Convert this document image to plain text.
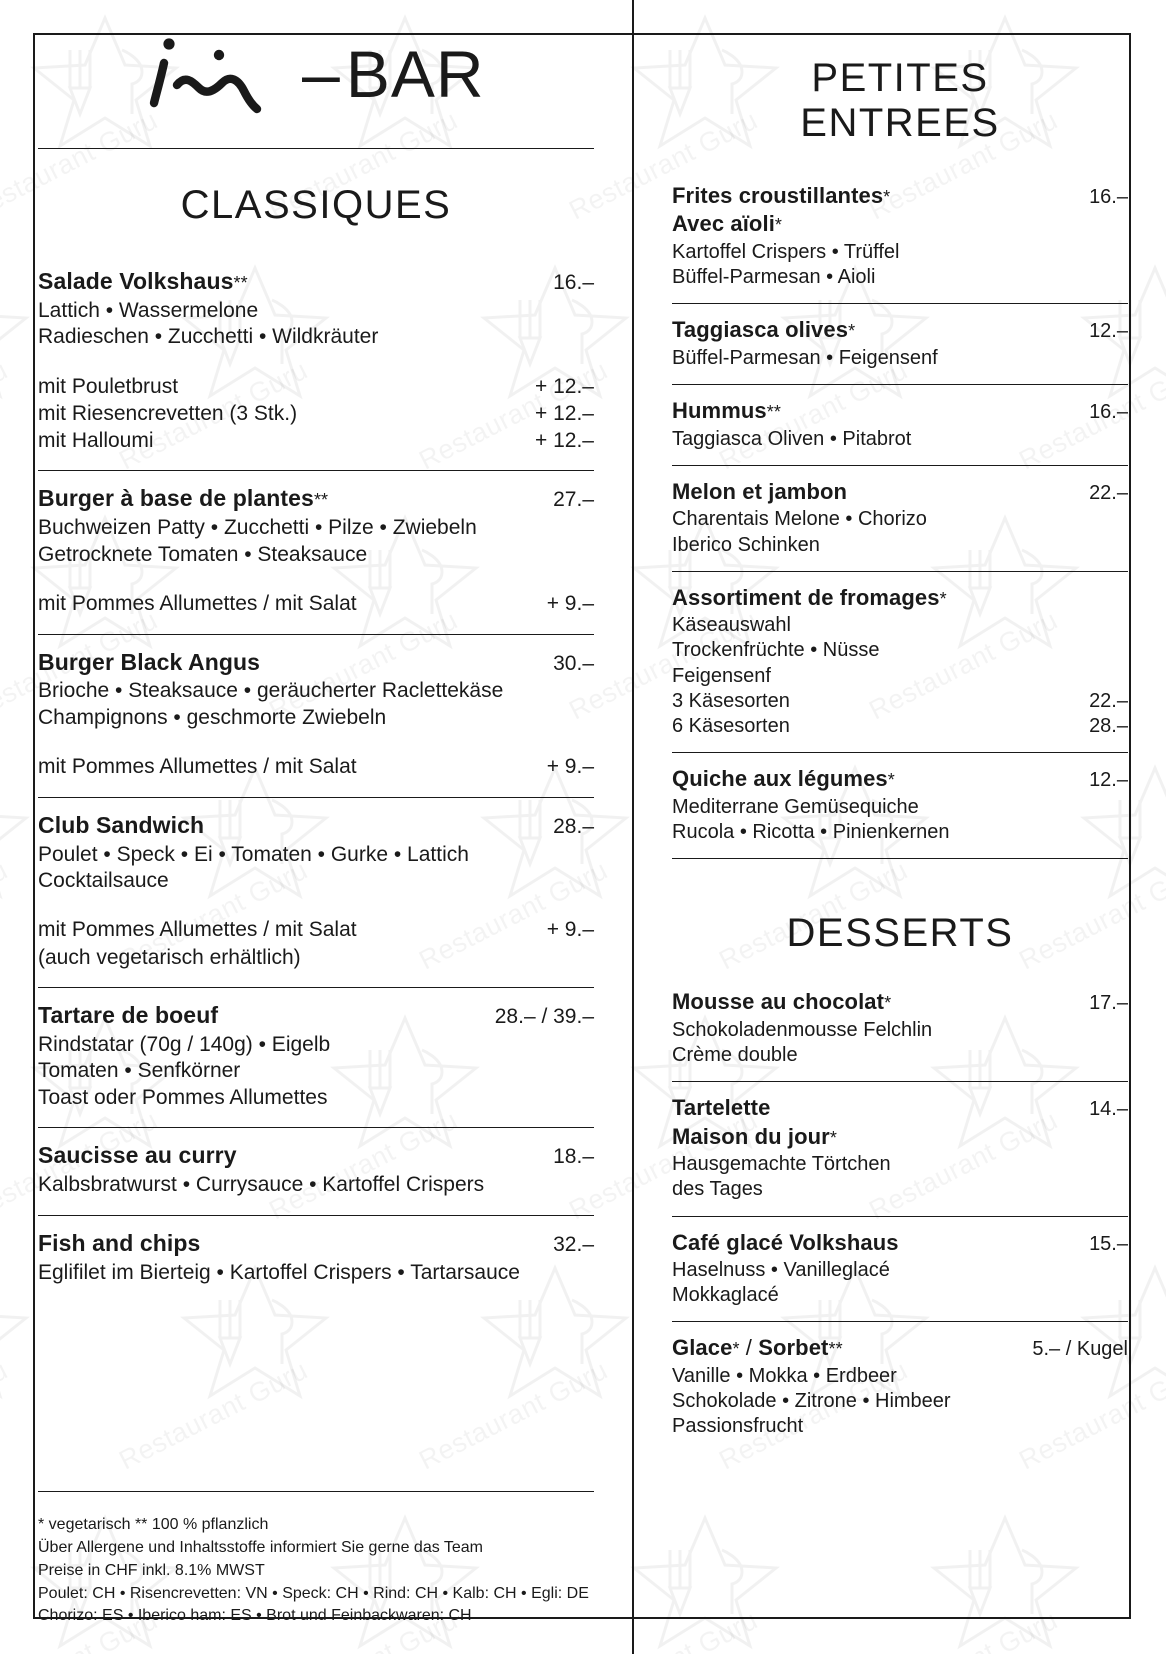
– BAR
CLASSIQUES
Salade Volkshaus**	16.–
Lattich • Wassermelone
Radieschen • Zucchetti • Wildkräuter
mit Pouletbrust	+ 12.–
mit Riesencrevetten (3 Stk.)	+ 12.–
mit Halloumi	+ 12.–
Burger à base de plantes**	27.–
Buchweizen Patty • Zucchetti • Pilze • Zwiebeln
Getrocknete Tomaten • Steaksauce
mit Pommes Allumettes / mit Salat	+ 9.–
Burger Black Angus	30.–
Brioche • Steaksauce • geräucherter Raclettekäse
Champignons • geschmorte Zwiebeln
mit Pommes Allumettes / mit Salat	+ 9.–
Club Sandwich	28.–
Poulet • Speck • Ei • Tomaten • Gurke • Lattich
Cocktailsauce
mit Pommes Allumettes / mit Salat	+ 9.–
(auch vegetarisch erhältlich)
Tartare de boeuf	28.– / 39.–
Rindstatar (70g / 140g) • Eigelb
Tomaten • Senfkörner
Toast oder Pommes Allumettes
Saucisse au curry	18.–
Kalbsbratwurst • Currysauce • Kartoffel Crispers
Fish and chips	32.–
Eglifilet im Bierteig • Kartoffel Crispers • Tartarsauce
* vegetarisch ** 100 % pflanzlich
Über Allergene und Inhaltsstoffe informiert Sie gerne das Team
Preise in CHF inkl. 8.1% MWST
Poulet: CH • Risencrevetten: VN • Speck: CH • Rind: CH • Kalb: CH • Egli: DE
Chorizo: ES • Iberico ham: ES • Brot und Feinbackwaren: CH
PETITES
ENTREES
Frites croustillantes*	16.–
Avec aïoli*
Kartoffel Crispers • Trüffel
Büffel-Parmesan • Aioli
Taggiasca olives*	12.–
Büffel-Parmesan • Feigensenf
Hummus**	16.–
Taggiasca Oliven • Pitabrot
Melon et jambon	22.–
Charentais Melone • Chorizo
Iberico Schinken
Assortiment de fromages*
Käseauswahl
Trockenfrüchte • Nüsse
Feigensenf
3 Käsesorten	22.–
6 Käsesorten	28.–
Quiche aux légumes*	12.–
Mediterrane Gemüsequiche
Rucola • Ricotta • Pinienkernen
DESSERTS
Mousse au chocolat*	17.–
Schokoladenmousse Felchlin
Crème double
Tartelette	14.–
Maison du jour*
Hausgemachte Törtchen
des Tages
Café glacé Volkshaus	15.–
Haselnuss • Vanilleglacé
Mokkaglacé
Glace* / Sorbet**	5.– / Kugel
Vanille • Mokka • Erdbeer
Schokolade • Zitrone • Himbeer
Passionsfrucht
